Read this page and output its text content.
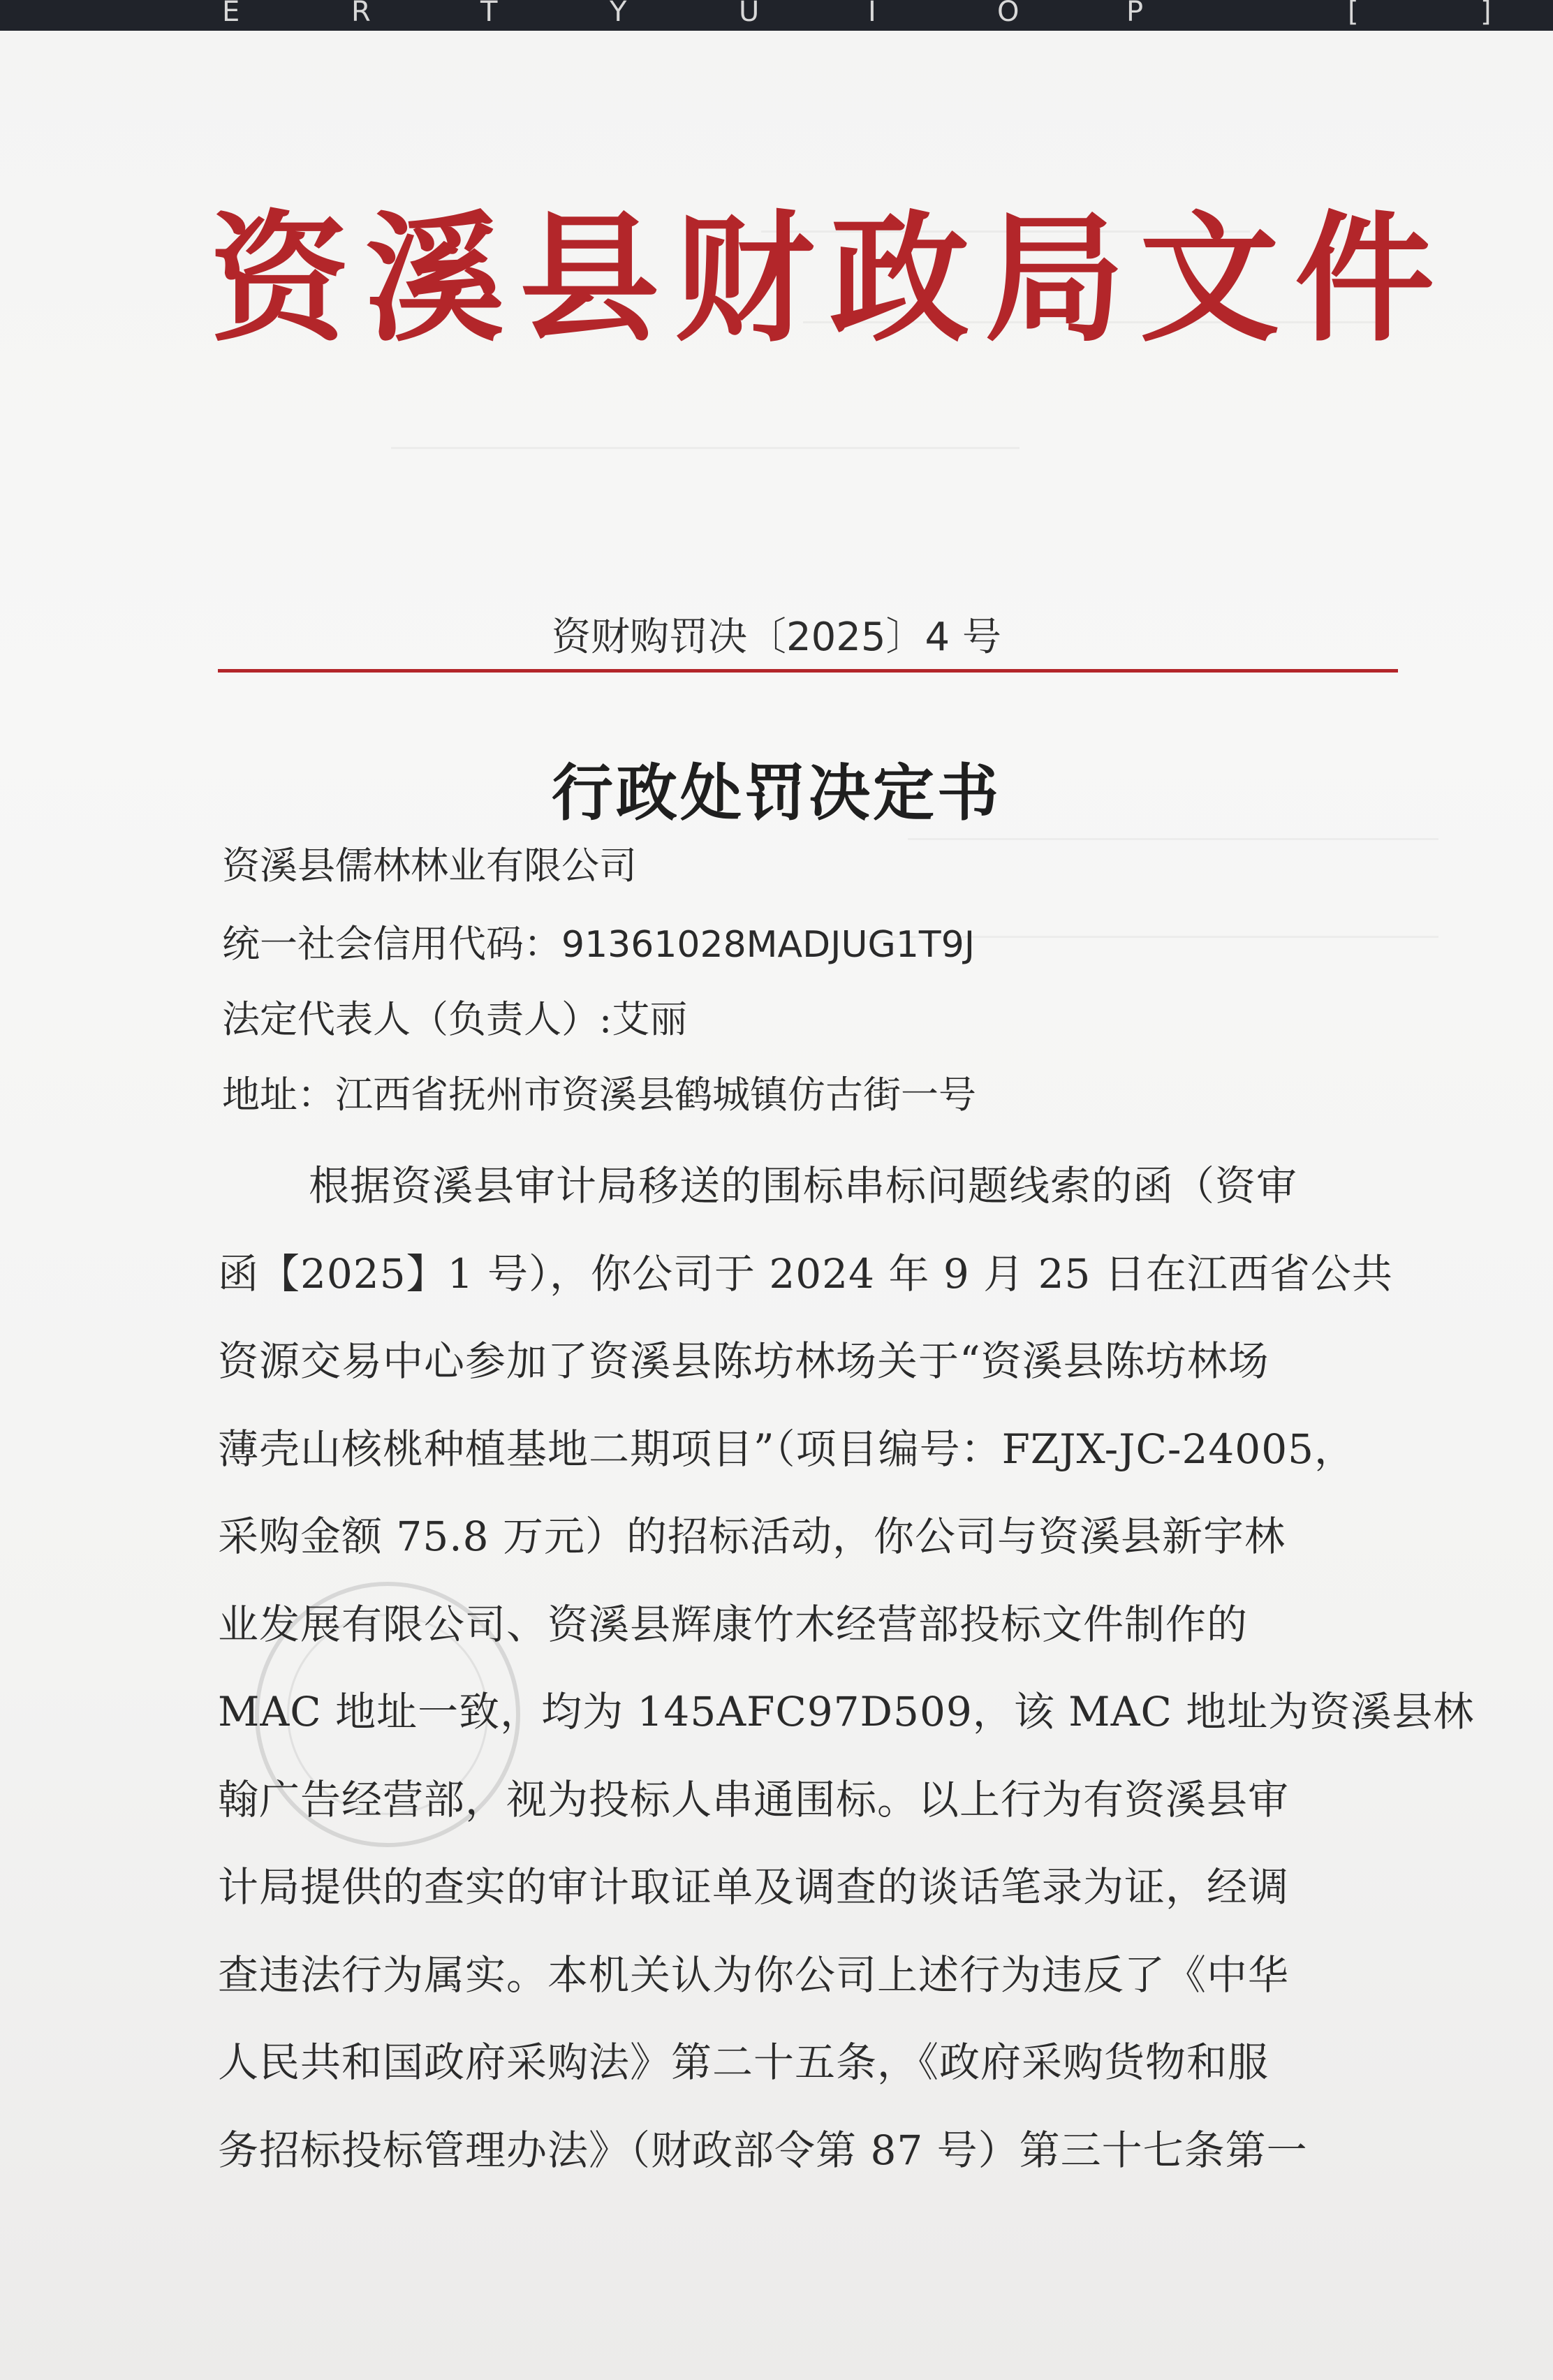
E	R	T	Y	U	I	O	P	[	]
资溪县财政局文件
资财购罚决〔2025〕4 号
行政处罚决定书
资溪县儒林林业有限公司
统一社会信用代码：91361028MADJUG1T9J
法定代表人（负责人）:艾丽
地址：江西省抚州市资溪县鹤城镇仿古街一号
根据资溪县审计局移送的围标串标问题线索的函（资审
函【2025】1 号），你公司于 2024 年 9 月 25 日在江西省公共
资源交易中心参加了资溪县陈坊林场关于“资溪县陈坊林场
薄壳山核桃种植基地二期项目”（项目编号：FZJX-JC-24005，
采购金额 75.8 万元）的招标活动，你公司与资溪县新宇林
业发展有限公司、资溪县辉康竹木经营部投标文件制作的
MAC 地址一致，均为 145AFC97D509，该 MAC 地址为资溪县林
翰广告经营部，视为投标人串通围标。以上行为有资溪县审
计局提供的查实的审计取证单及调查的谈话笔录为证，经调
查违法行为属实。本机关认为你公司上述行为违反了《中华
人民共和国政府采购法》第二十五条，《政府采购货物和服
务招标投标管理办法》（财政部令第 87 号）第三十七条第一
